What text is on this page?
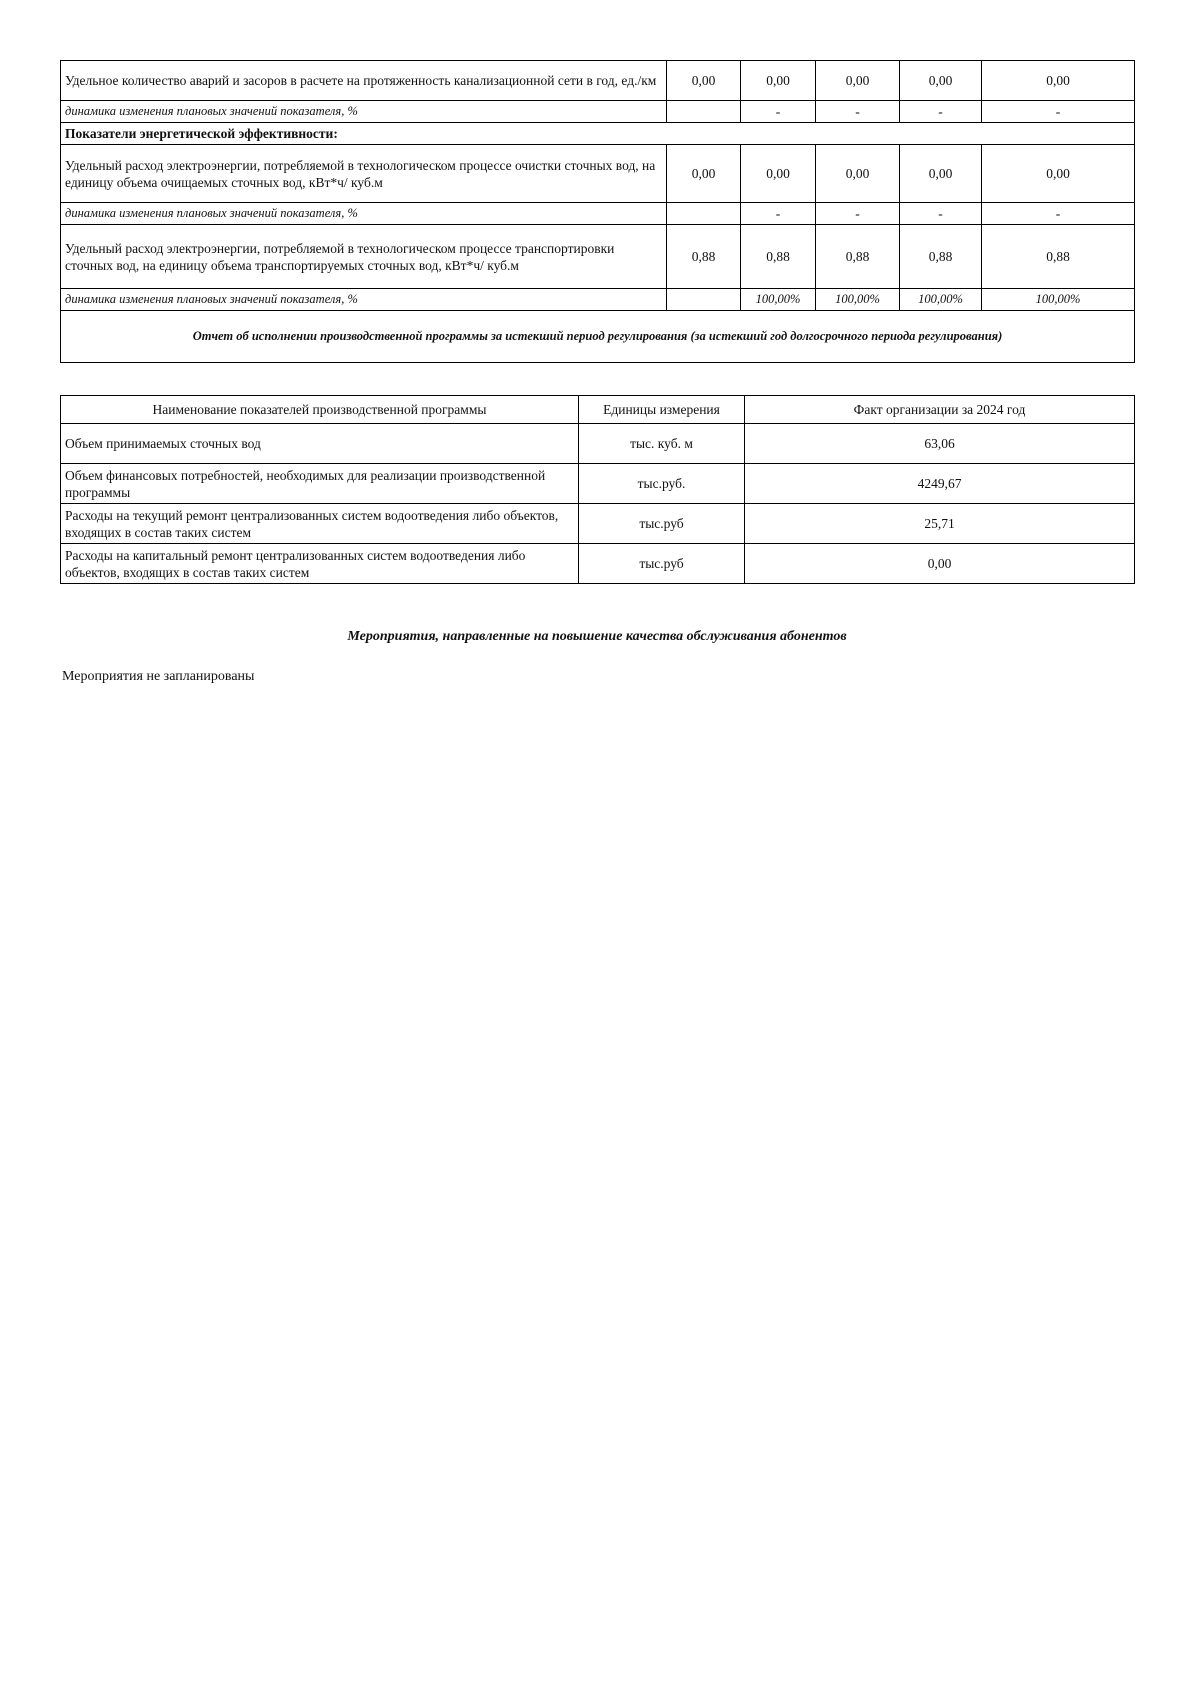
Удельное количество аварий и засоров в расчете на протяженность канализационной сети в год, ед./км	0,00	0,00	0,00	0,00	0,00
динамика изменения плановых значений показателя, %		-	-	-	-
Показатели энергетической эффективности:					
Удельный расход электроэнергии, потребляемой в технологическом процессе очистки сточных вод, на единицу объема очищаемых сточных вод, кВт*ч/ куб.м	0,00	0,00	0,00	0,00	0,00
динамика изменения плановых значений показателя, %		-	-	-	-
Удельный расход электроэнергии, потребляемой в технологическом процессе транспортировки сточных вод, на единицу объема транспортируемых сточных вод, кВт*ч/ куб.м	0,88	0,88	0,88	0,88	0,88
динамика изменения плановых значений показателя, %		100,00%	100,00%	100,00%	100,00%
Отчет об исполнении производственной программы за истекший период регулирования (за истекший год долгосрочного периода регулирования)					
Наименование показателей производственной программы	Единицы измерения	Факт организации за 2024 год
Объем принимаемых сточных вод	тыс. куб. м	63,06
Объем финансовых потребностей, необходимых для реализации производственной программы	тыс.руб.	4249,67
Расходы на текущий ремонт централизованных систем водоотведения либо объектов, входящих в состав таких систем	тыс.руб	25,71
Расходы на капитальный ремонт централизованных систем водоотведения либо объектов, входящих в состав таких систем	тыс.руб	0,00
Мероприятия, направленные на повышение качества обслуживания абонентов
Мероприятия не запланированы
